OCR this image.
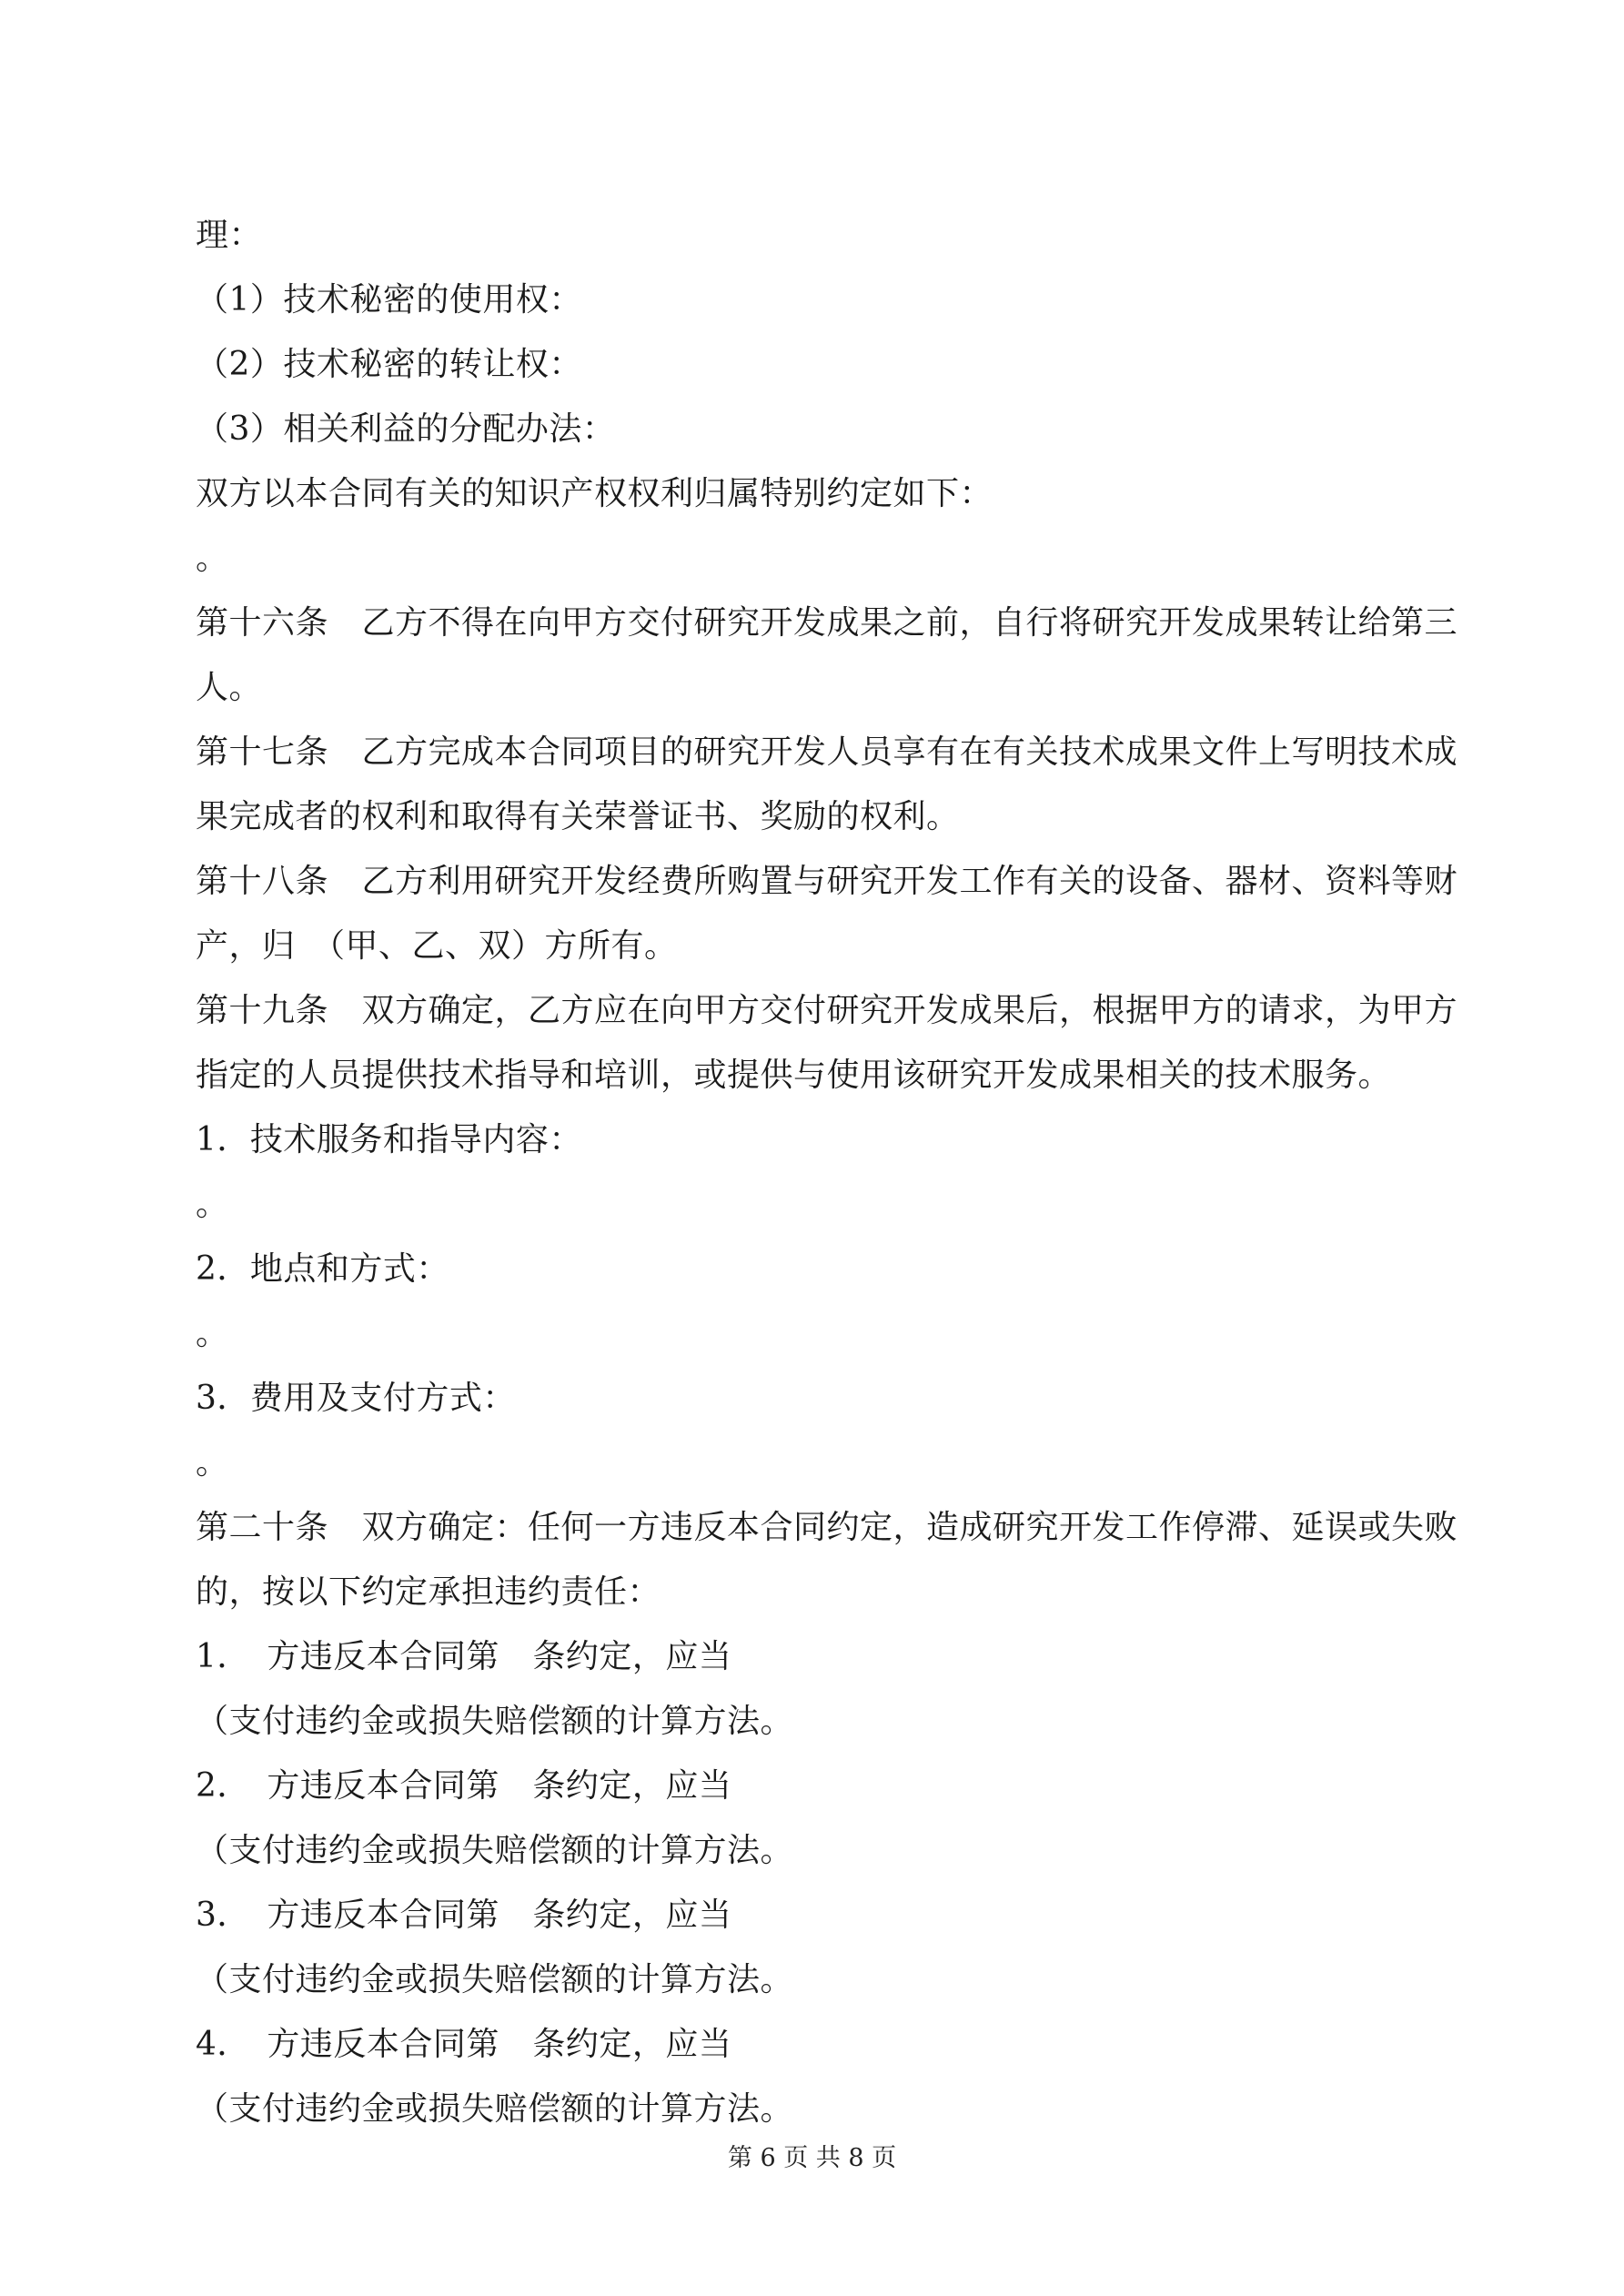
理：
（1）技术秘密的使用权：
（2）技术秘密的转让权：
（3）相关利益的分配办法：
双方以本合同有关的知识产权权利归属特别约定如下：
。
第十六条　乙方不得在向甲方交付研究开发成果之前，自行将研究开发成果转让给第三
人。
第十七条　乙方完成本合同项目的研究开发人员享有在有关技术成果文件上写明技术成
果完成者的权利和取得有关荣誉证书、奖励的权利。
第十八条　乙方利用研究开发经费所购置与研究开发工作有关的设备、器材、资料等财
产，归　（甲、乙、双）方所有。
第十九条　双方确定，乙方应在向甲方交付研究开发成果后，根据甲方的请求，为甲方
指定的人员提供技术指导和培训，或提供与使用该研究开发成果相关的技术服务。
1．技术服务和指导内容：
。
2．地点和方式：
。
3．费用及支付方式：
。
第二十条　双方确定：任何一方违反本合同约定，造成研究开发工作停滞、延误或失败
的，按以下约定承担违约责任：
1．　方违反本合同第　条约定，应当
（支付违约金或损失赔偿额的计算方法。
2．　方违反本合同第　条约定，应当
（支付违约金或损失赔偿额的计算方法。
3．　方违反本合同第　条约定，应当
（支付违约金或损失赔偿额的计算方法。
4．　方违反本合同第　条约定，应当
（支付违约金或损失赔偿额的计算方法。
第 6 页 共 8 页
